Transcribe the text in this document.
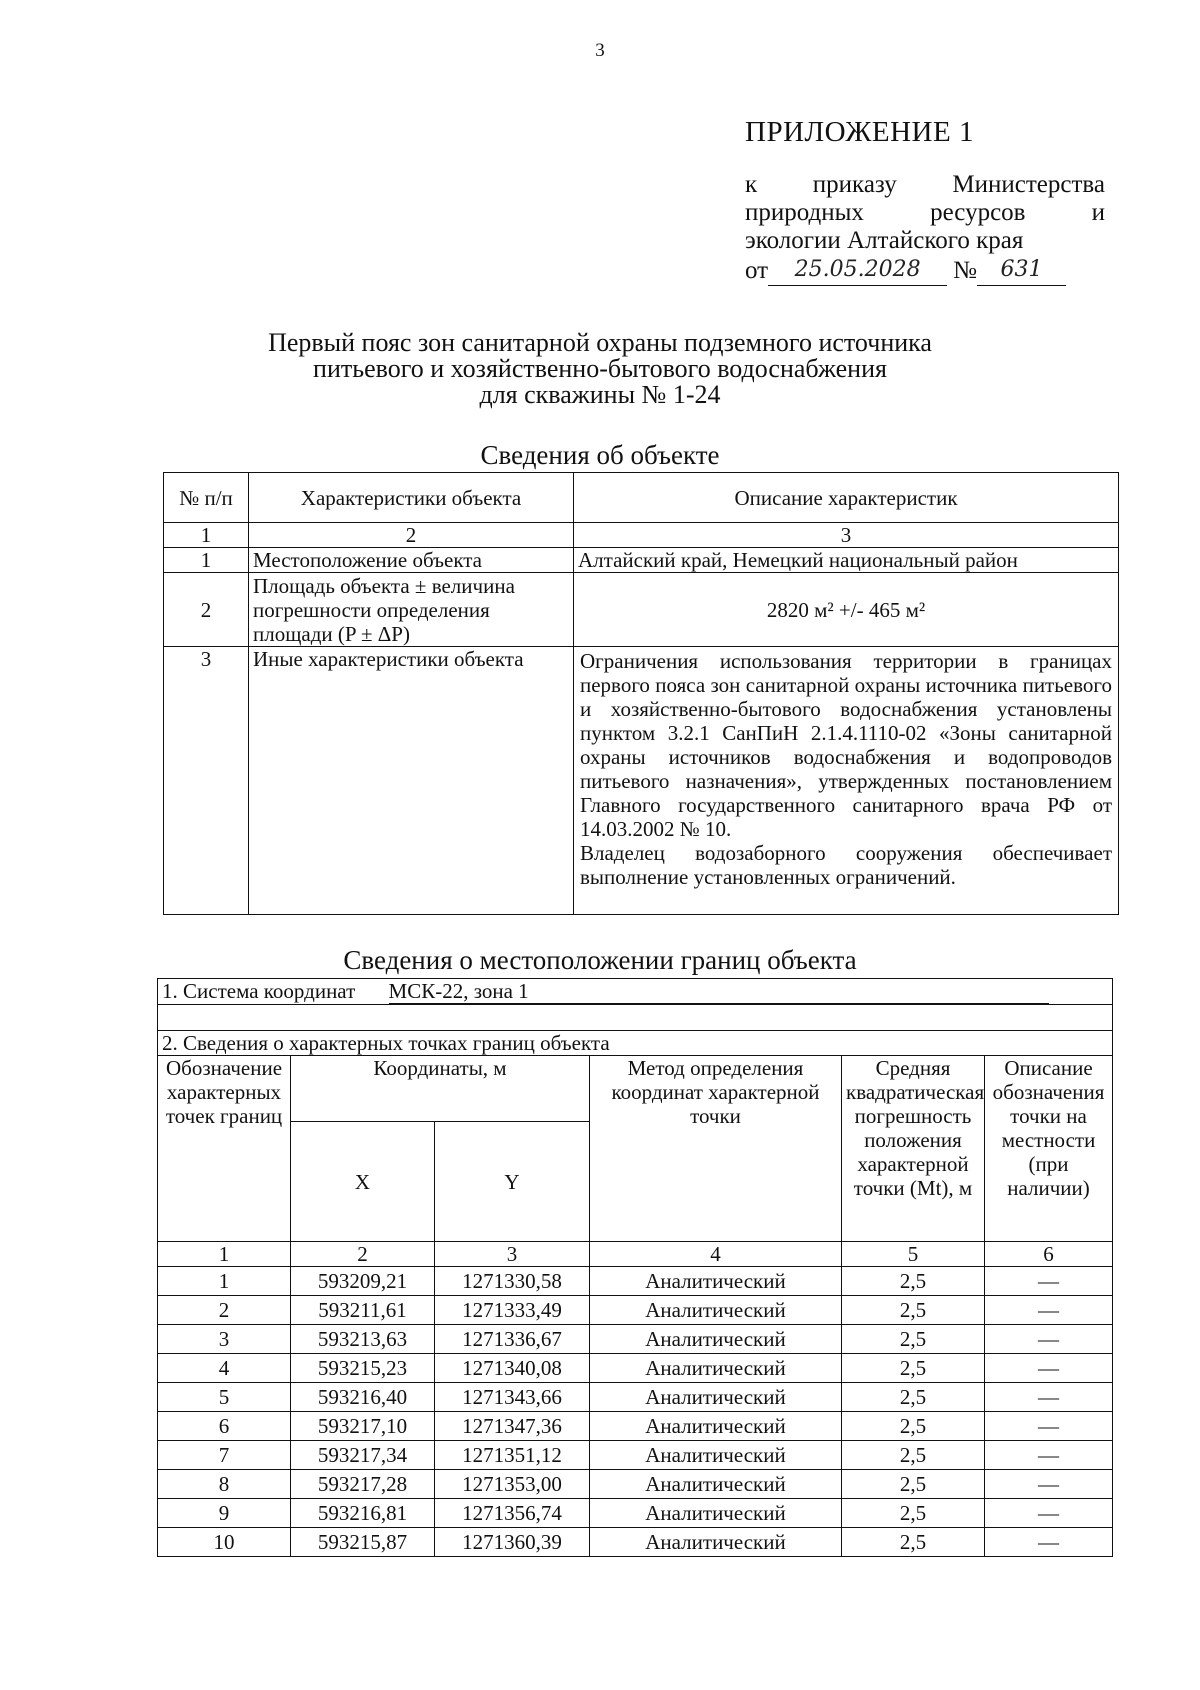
3
ПРИЛОЖЕНИЕ 1
к приказу Министерства
природных ресурсов и
экологии Алтайского края
от	25.05.2028	№	631
Первый пояс зон санитарной охраны подземного источника
питьевого и хозяйственно-бытового водоснабжения
для скважины № 1-24
Сведения об объекте
№ п/п	Характеристики объекта	Описание характеристик
1	2	3
1	Местоположение объекта	Алтайский край, Немецкий национальный район
2	Площадь объекта ± величина погрешности определения площади (P ± ΔP)	2820 м² +/- 465 м²
3	Иные характеристики объекта	Ограничения использования территории в границах первого пояса зон санитарной охраны источника питьевого и хозяйственно-бытового водоснабжения установлены пунктом 3.2.1 СанПиН 2.1.4.1110-02 «Зоны санитарной охраны источников водоснабжения и водопроводов питьевого назначения», утвержденных постановлением Главного государственного санитарного врача РФ от 14.03.2002 № 10.
Владелец водозаборного сооружения обеспечивает выполнение установленных ограничений.
Сведения о местоположении границ объекта
1. Система координат МСК-22, зона 1					

2. Сведения о характерных точках границ объекта					
Обозначение характерных точек границ	Координаты, м		Метод определения координат характерной точки	Средняя квадратическая погрешность положения характерной точки (Mt), м	Описание обозначения точки на местности (при наличии)
	X	Y			
1	2	3	4	5	6
1	593209,21	1271330,58	Аналитический	2,5	—
2	593211,61	1271333,49	Аналитический	2,5	—
3	593213,63	1271336,67	Аналитический	2,5	—
4	593215,23	1271340,08	Аналитический	2,5	—
5	593216,40	1271343,66	Аналитический	2,5	—
6	593217,10	1271347,36	Аналитический	2,5	—
7	593217,34	1271351,12	Аналитический	2,5	—
8	593217,28	1271353,00	Аналитический	2,5	—
9	593216,81	1271356,74	Аналитический	2,5	—
10	593215,87	1271360,39	Аналитический	2,5	—
